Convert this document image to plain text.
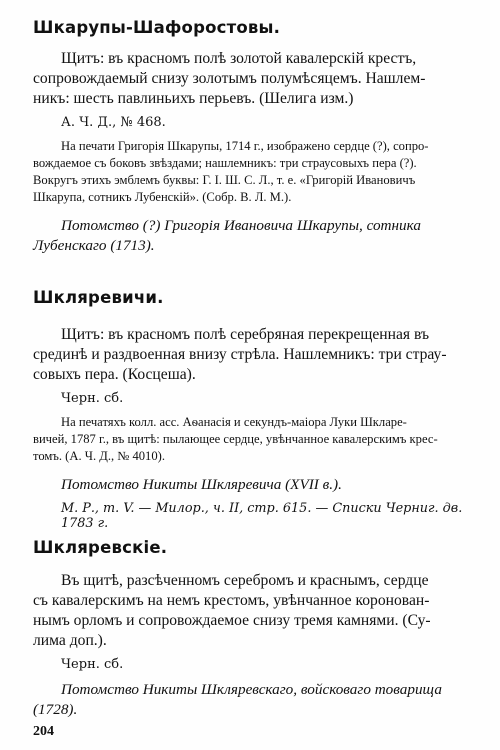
Шкарупы-Шафоростовы.
Щитъ: въ красномъ полѣ золотой кавалерскій крестъ,
сопровождаемый снизу золотымъ полумѣсяцемъ. Нашлем-
никъ: шесть павлиньихъ перьевъ. (Шелига изм.)
А. Ч. Д., № 468.
На печати Григорія Шкарупы, 1714 г., изображено сердце (?), сопро-
вождаемое съ боковъ звѣздами; нашлемникъ: три страусовыхъ пера (?).
Вокругъ этихъ эмблемъ буквы: Г. І. Ш. С. Л., т. е. «Григорій Ивановичъ
Шкарупа, сотникъ Лубенскій». (Собр. В. Л. М.).
Потомство (?) Григорія Ивановича Шкарупы, сотника
Лубенскаго (1713).
Шкляревичи.
Щитъ: въ красномъ полѣ серебряная перекрещенная въ
срединѣ и раздвоенная внизу стрѣла. Нашлемникъ: три страу-
совыхъ пера. (Косцеша).
Черн. сб.
На печатяхъ колл. асс. Аѳанасія и секундъ-маіора Луки Шкларе-
вичей, 1787 г., въ щитѣ: пылающее сердце, увѣнчанное кавалерскимъ крес-
томъ. (А. Ч. Д., № 4010).
Потомство Никиты Шкляревича (XVII в.).
М. Р., т. V. — Милор., ч. II, стр. 615. — Списки Черниг. дв. 1783 г.
Шкляревскіе.
Въ щитѣ, разсѣченномъ серебромъ и краснымъ, сердце
съ кавалерскимъ на немъ крестомъ, увѣнчанное коронован-
нымъ орломъ и сопровождаемое снизу тремя камнями. (Су-
лима доп.).
Черн. сб.
Потомство Никиты Шкляревскаго, войсковаго товарища
(1728).
204
